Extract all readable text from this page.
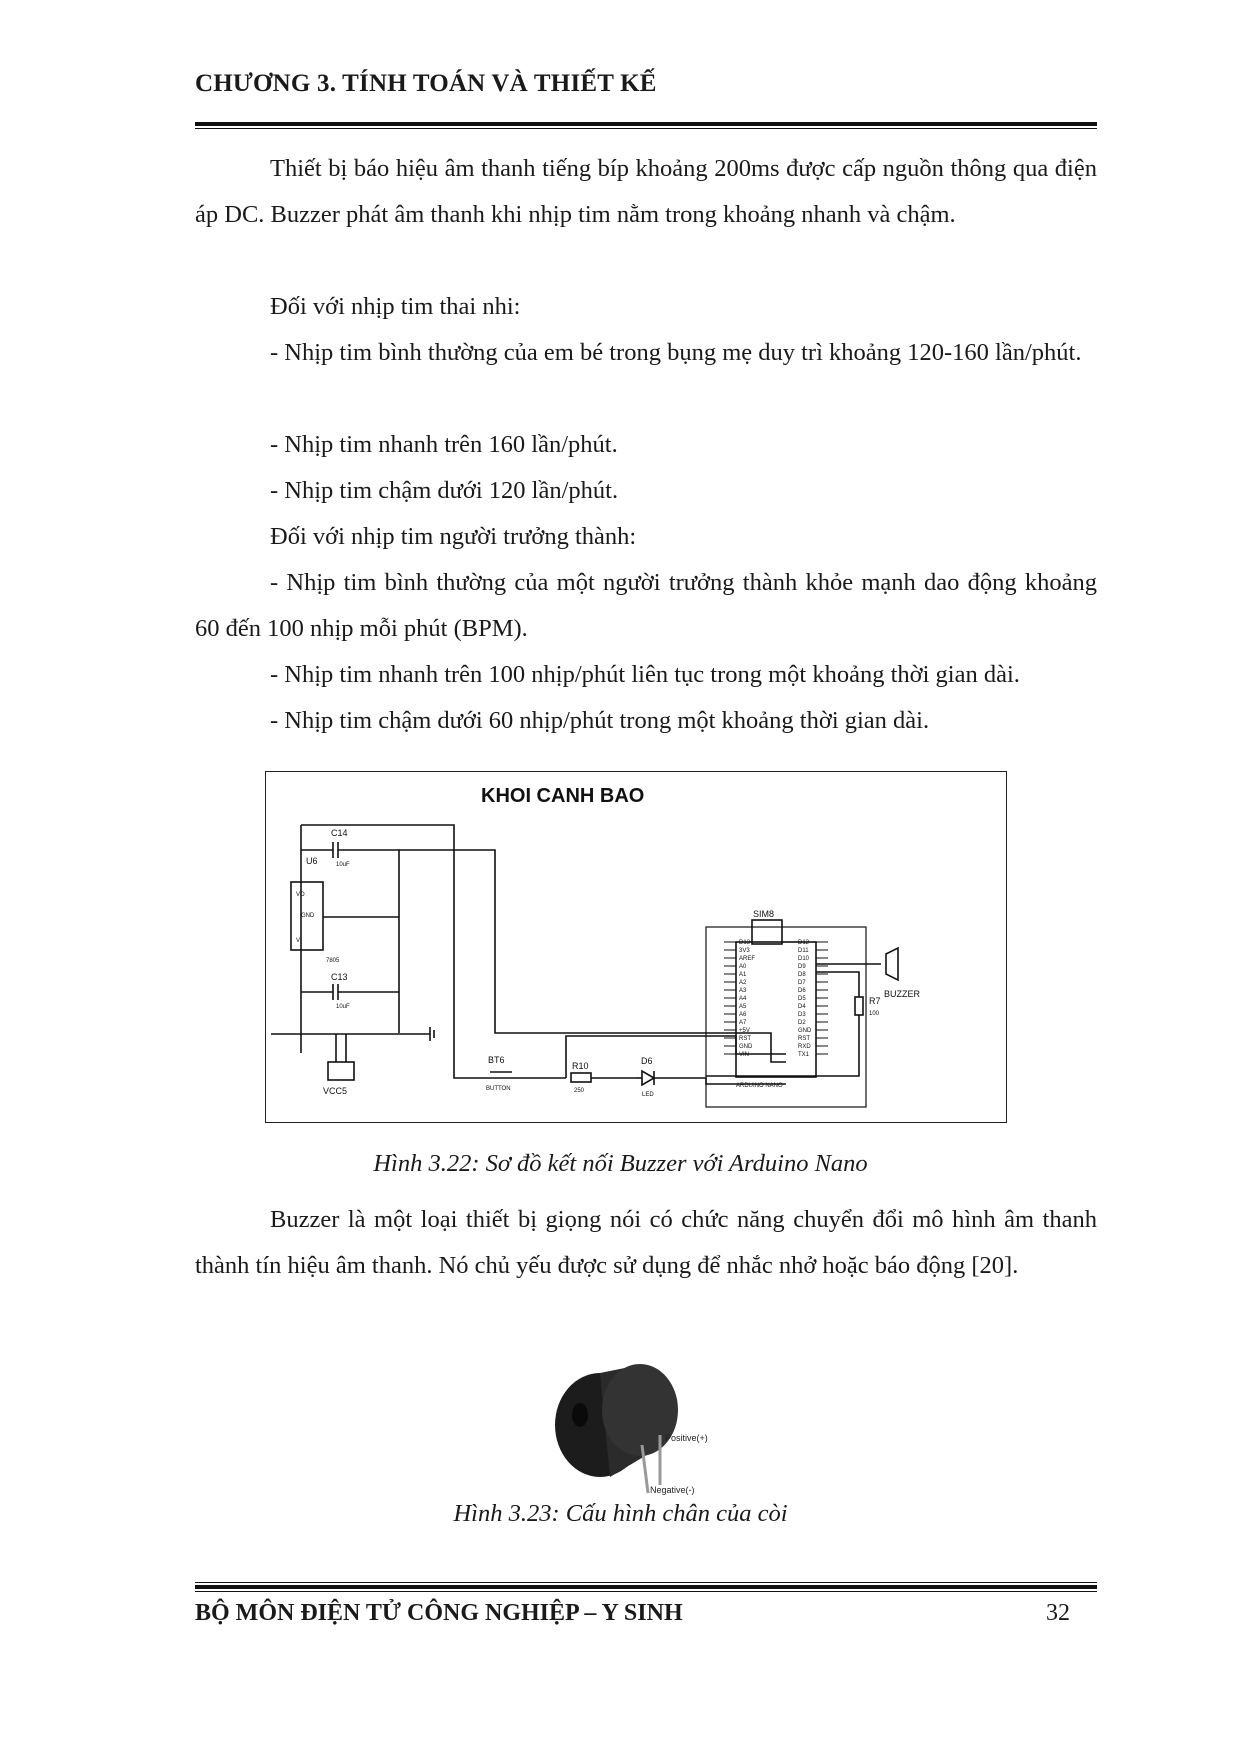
CHƯƠNG 3. TÍNH TOÁN VÀ THIẾT KẾ

Thiết bị báo hiệu âm thanh tiếng bíp khoảng 200ms được cấp nguồn thông qua điện áp DC. Buzzer phát âm thanh khi nhịp tim nằm trong khoảng nhanh và chậm.

Đối với nhịp tim thai nhi:

- Nhịp tim bình thường của em bé trong bụng mẹ duy trì khoảng 120-160 lần/phút.

- Nhịp tim nhanh trên 160 lần/phút.
- Nhịp tim chậm dưới 120 lần/phút.
Đối với nhịp tim người trưởng thành:

- Nhịp tim bình thường của một người trưởng thành khỏe mạnh dao động khoảng 60 đến 100 nhịp mỗi phút (BPM).

- Nhịp tim nhanh trên 100 nhịp/phút liên tục trong một khoảng thời gian dài.
- Nhịp tim chậm dưới 60 nhịp/phút trong một khoảng thời gian dài.
KHOI CANH BAO
C14
10uF
U6
VO
GND
VI
7805
C13
10uF
VCC5
BT6
BUTTON
R10
250
D6
LED
SIM8
ARDUINO NANO
R7
100
BUZZER
D13
3V3
AREF
A0
A1
A2
A3
A4
A5
A6
A7
+5V
RST
GND
VIN
D12
D11
D10
D9
D8
D7
D6
D5
D4
D3
D2
GND
RST
RXD
TX1
Hình 3.22: Sơ đồ kết nối Buzzer với Arduino Nano

Buzzer là một loại thiết bị giọng nói có chức năng chuyển đổi mô hình âm thanh thành tín hiệu âm thanh. Nó chủ yếu được sử dụng để nhắc nhở hoặc báo động [20].

Positive(+)
Negative(-)
Hình 3.23: Cấu hình chân của còi
BỘ MÔN ĐIỆN TỬ CÔNG NGHIỆP – Y SINH	32
